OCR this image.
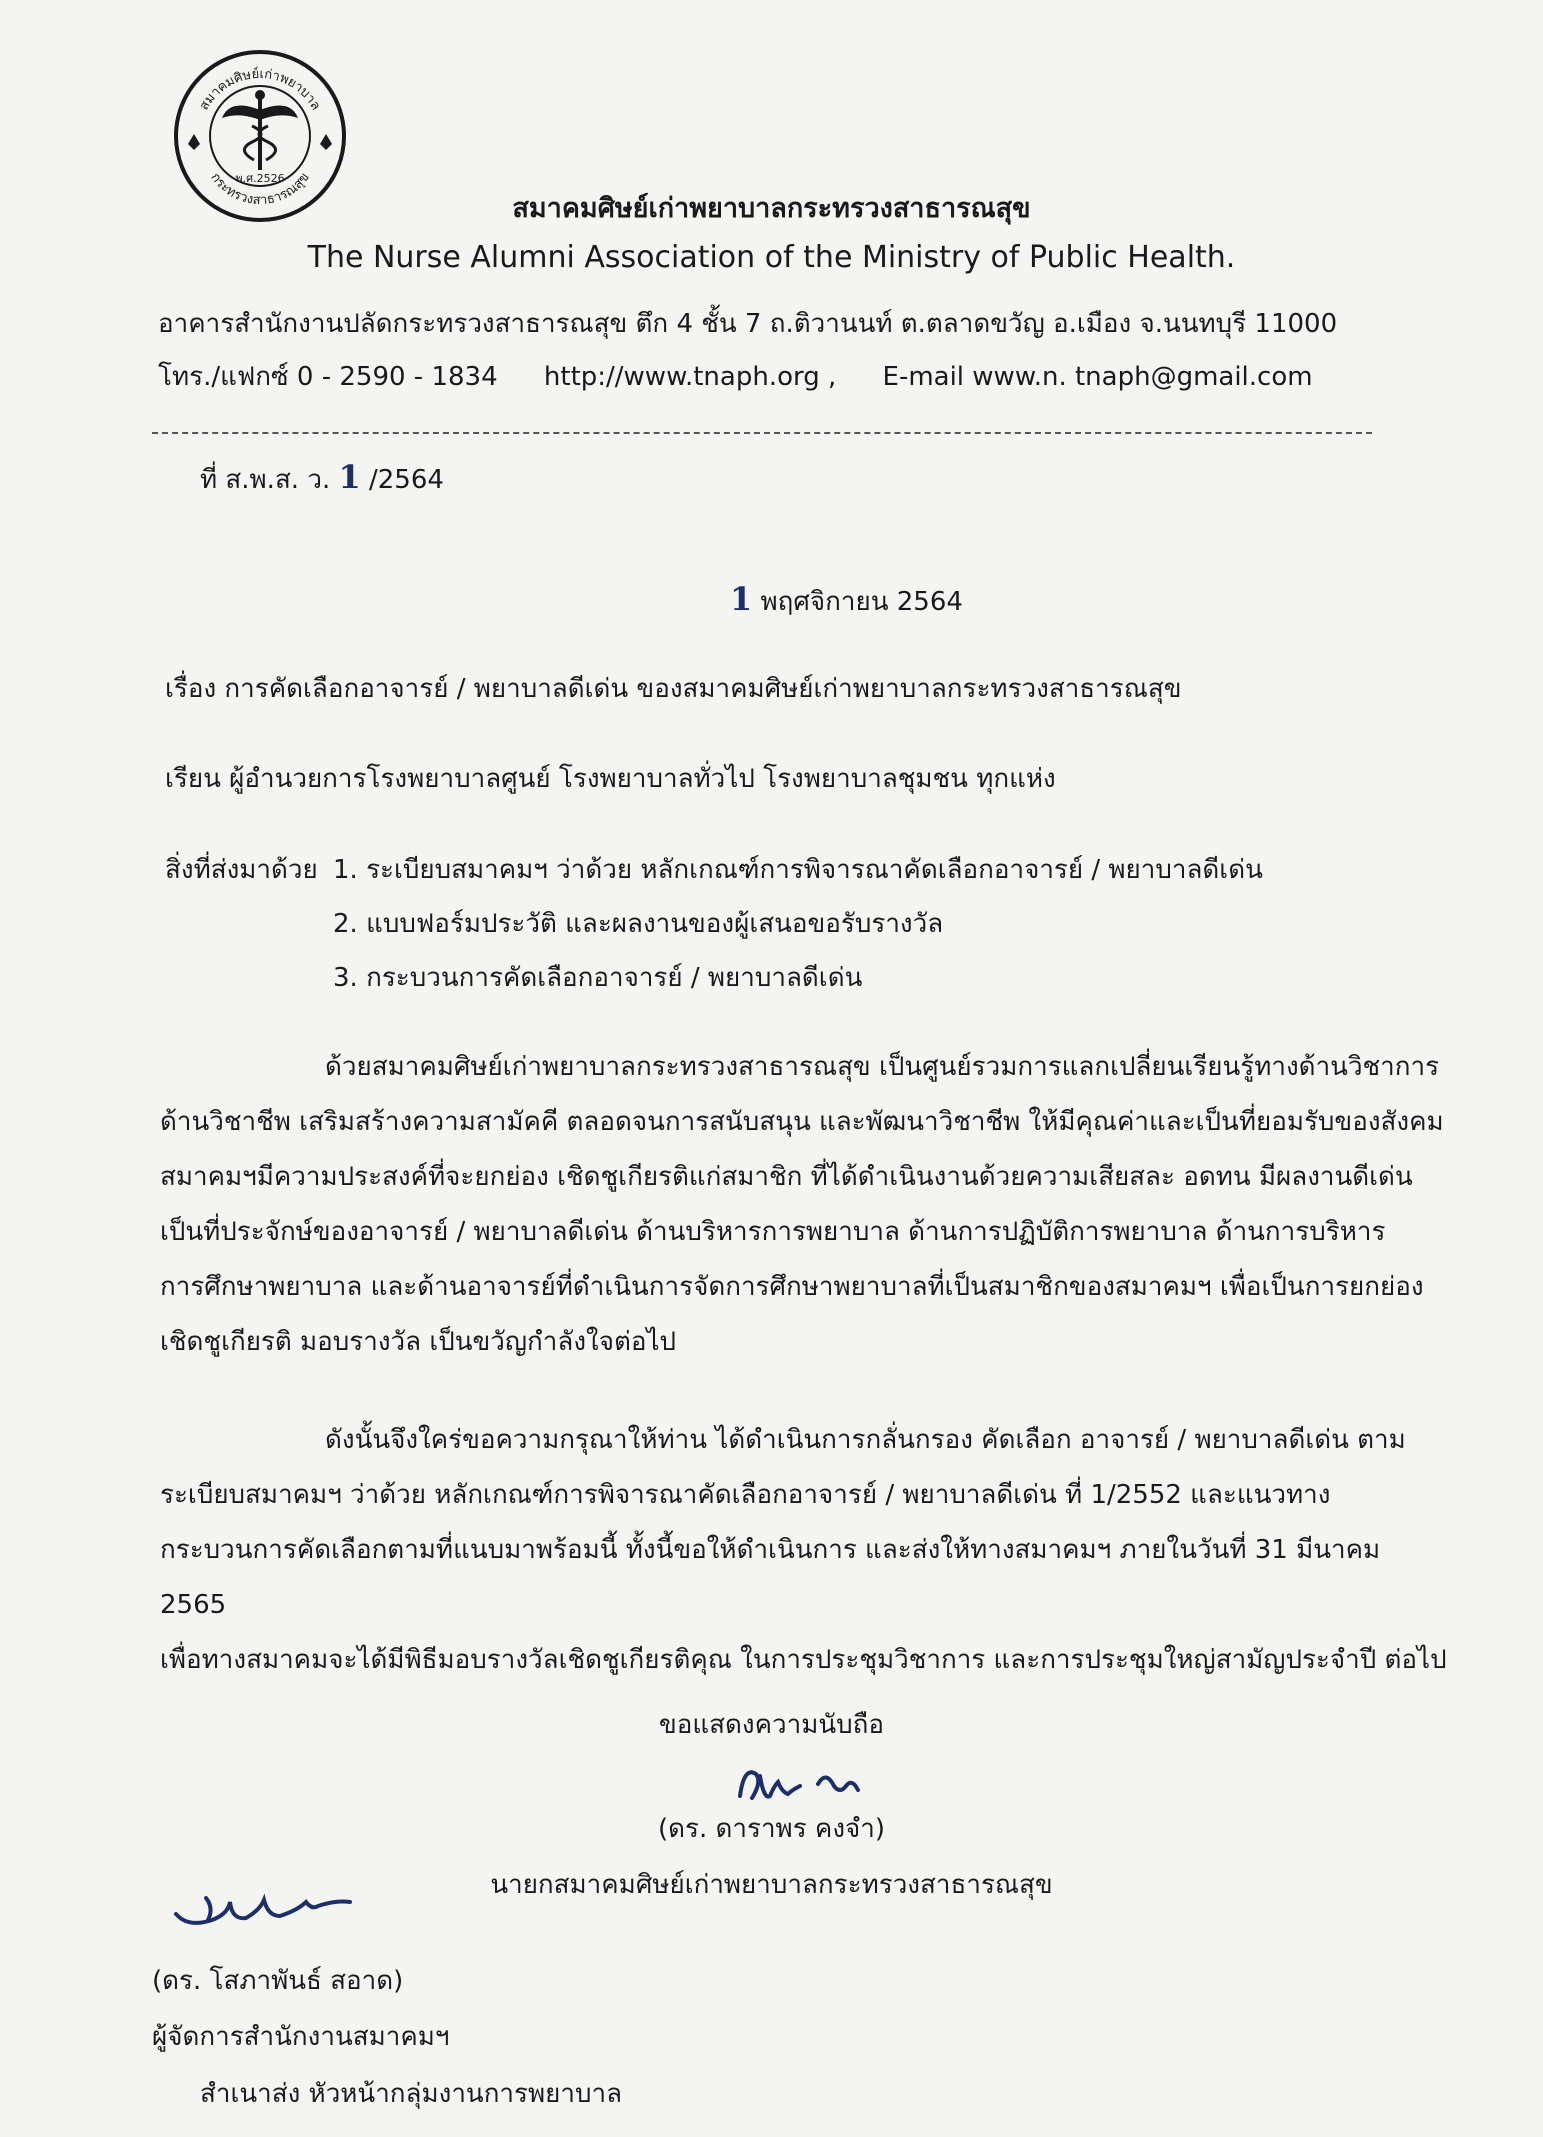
สมาคมศิษย์เก่าพยาบาล
กระทรวงสาธารณสุข
พ.ศ.2526
สมาคมศิษย์เก่าพยาบาลกระทรวงสาธารณสุข
The Nurse Alumni Association of the Ministry of Public Health.
อาคารสำนักงานปลัดกระทรวงสาธารณสุข ตึก 4 ชั้น 7 ถ.ติวานนท์ ต.ตลาดขวัญ อ.เมือง จ.นนทบุรี 11000
โทร./แฟกซ์ 0 - 2590 - 1834 http://www.tnaph.org , E-mail www.n. tnaph@gmail.com
ที่ ส.พ.ส. ว. 1 /2564
1 พฤศจิกายน 2564
เรื่อง การคัดเลือกอาจารย์ / พยาบาลดีเด่น ของสมาคมศิษย์เก่าพยาบาลกระทรวงสาธารณสุข
เรียน ผู้อำนวยการโรงพยาบาลศูนย์ โรงพยาบาลทั่วไป โรงพยาบาลชุมชน ทุกแห่ง
สิ่งที่ส่งมาด้วย 1. ระเบียบสมาคมฯ ว่าด้วย หลักเกณฑ์การพิจารณาคัดเลือกอาจารย์ / พยาบาลดีเด่น
2. แบบฟอร์มประวัติ และผลงานของผู้เสนอขอรับรางวัล
3. กระบวนการคัดเลือกอาจารย์ / พยาบาลดีเด่น

ด้วยสมาคมศิษย์เก่าพยาบาลกระทรวงสาธารณสุข เป็นศูนย์รวมการแลกเปลี่ยนเรียนรู้ทางด้านวิชาการ

ด้านวิชาชีพ เสริมสร้างความสามัคคี ตลอดจนการสนับสนุน และพัฒนาวิชาชีพ ให้มีคุณค่าและเป็นที่ยอมรับของสังคม

สมาคมฯมีความประสงค์ที่จะยกย่อง เชิดชูเกียรติแก่สมาชิก ที่ได้ดำเนินงานด้วยความเสียสละ อดทน มีผลงานดีเด่น

เป็นที่ประจักษ์ของอาจารย์ / พยาบาลดีเด่น ด้านบริหารการพยาบาล ด้านการปฏิบัติการพยาบาล ด้านการบริหาร

การศึกษาพยาบาล และด้านอาจารย์ที่ดำเนินการจัดการศึกษาพยาบาลที่เป็นสมาชิกของสมาคมฯ เพื่อเป็นการยกย่อง

เชิดชูเกียรติ มอบรางวัล เป็นขวัญกำลังใจต่อไป

ดังนั้นจึงใคร่ขอความกรุณาให้ท่าน ได้ดำเนินการกลั่นกรอง คัดเลือก อาจารย์ / พยาบาลดีเด่น ตาม

ระเบียบสมาคมฯ ว่าด้วย หลักเกณฑ์การพิจารณาคัดเลือกอาจารย์ / พยาบาลดีเด่น ที่ 1/2552 และแนวทาง

กระบวนการคัดเลือกตามที่แนบมาพร้อมนี้ ทั้งนี้ขอให้ดำเนินการ และส่งให้ทางสมาคมฯ ภายในวันที่ 31 มีนาคม 2565

เพื่อทางสมาคมจะได้มีพิธีมอบรางวัลเชิดชูเกียรติคุณ ในการประชุมวิชาการ และการประชุมใหญ่สามัญประจำปี ต่อไป

ขอแสดงความนับถือ
(ดร. ดาราพร คงจำ)
นายกสมาคมศิษย์เก่าพยาบาลกระทรวงสาธารณสุข
(ดร. โสภาพันธ์ สอาด)
ผู้จัดการสำนักงานสมาคมฯ
สำเนาส่ง หัวหน้ากลุ่มงานการพยาบาล
